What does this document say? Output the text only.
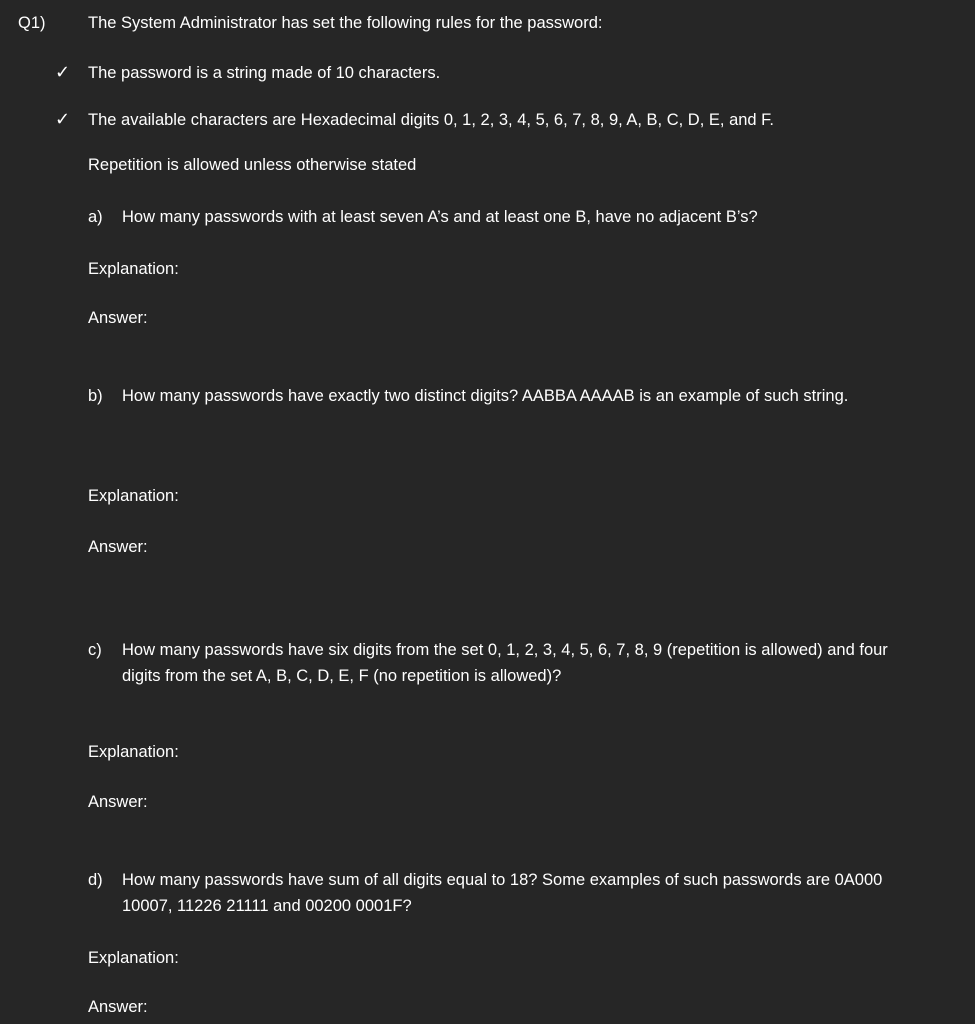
Q1)	The System Administrator has set the following rules for the password:
✓ The password is a string made of 10 characters.
✓ The available characters are Hexadecimal digits 0, 1, 2, 3, 4, 5, 6, 7, 8, 9, A, B, C, D, E, and F.
Repetition is allowed unless otherwise stated
a) How many passwords with at least seven A’s and at least one B, have no adjacent B’s?
Explanation:
Answer:
b) How many passwords have exactly two distinct digits? AABBA AAAAB is an example of such string.
Explanation:
Answer:
c) How many passwords have six digits from the set 0, 1, 2, 3, 4, 5, 6, 7, 8, 9 (repetition is allowed) and four digits from the set A, B, C, D, E, F (no repetition is allowed)?
Explanation:
Answer:
d) How many passwords have sum of all digits equal to 18? Some examples of such passwords are 0A000 10007, 11226 21111 and 00200 0001F?
Explanation:
Answer:
